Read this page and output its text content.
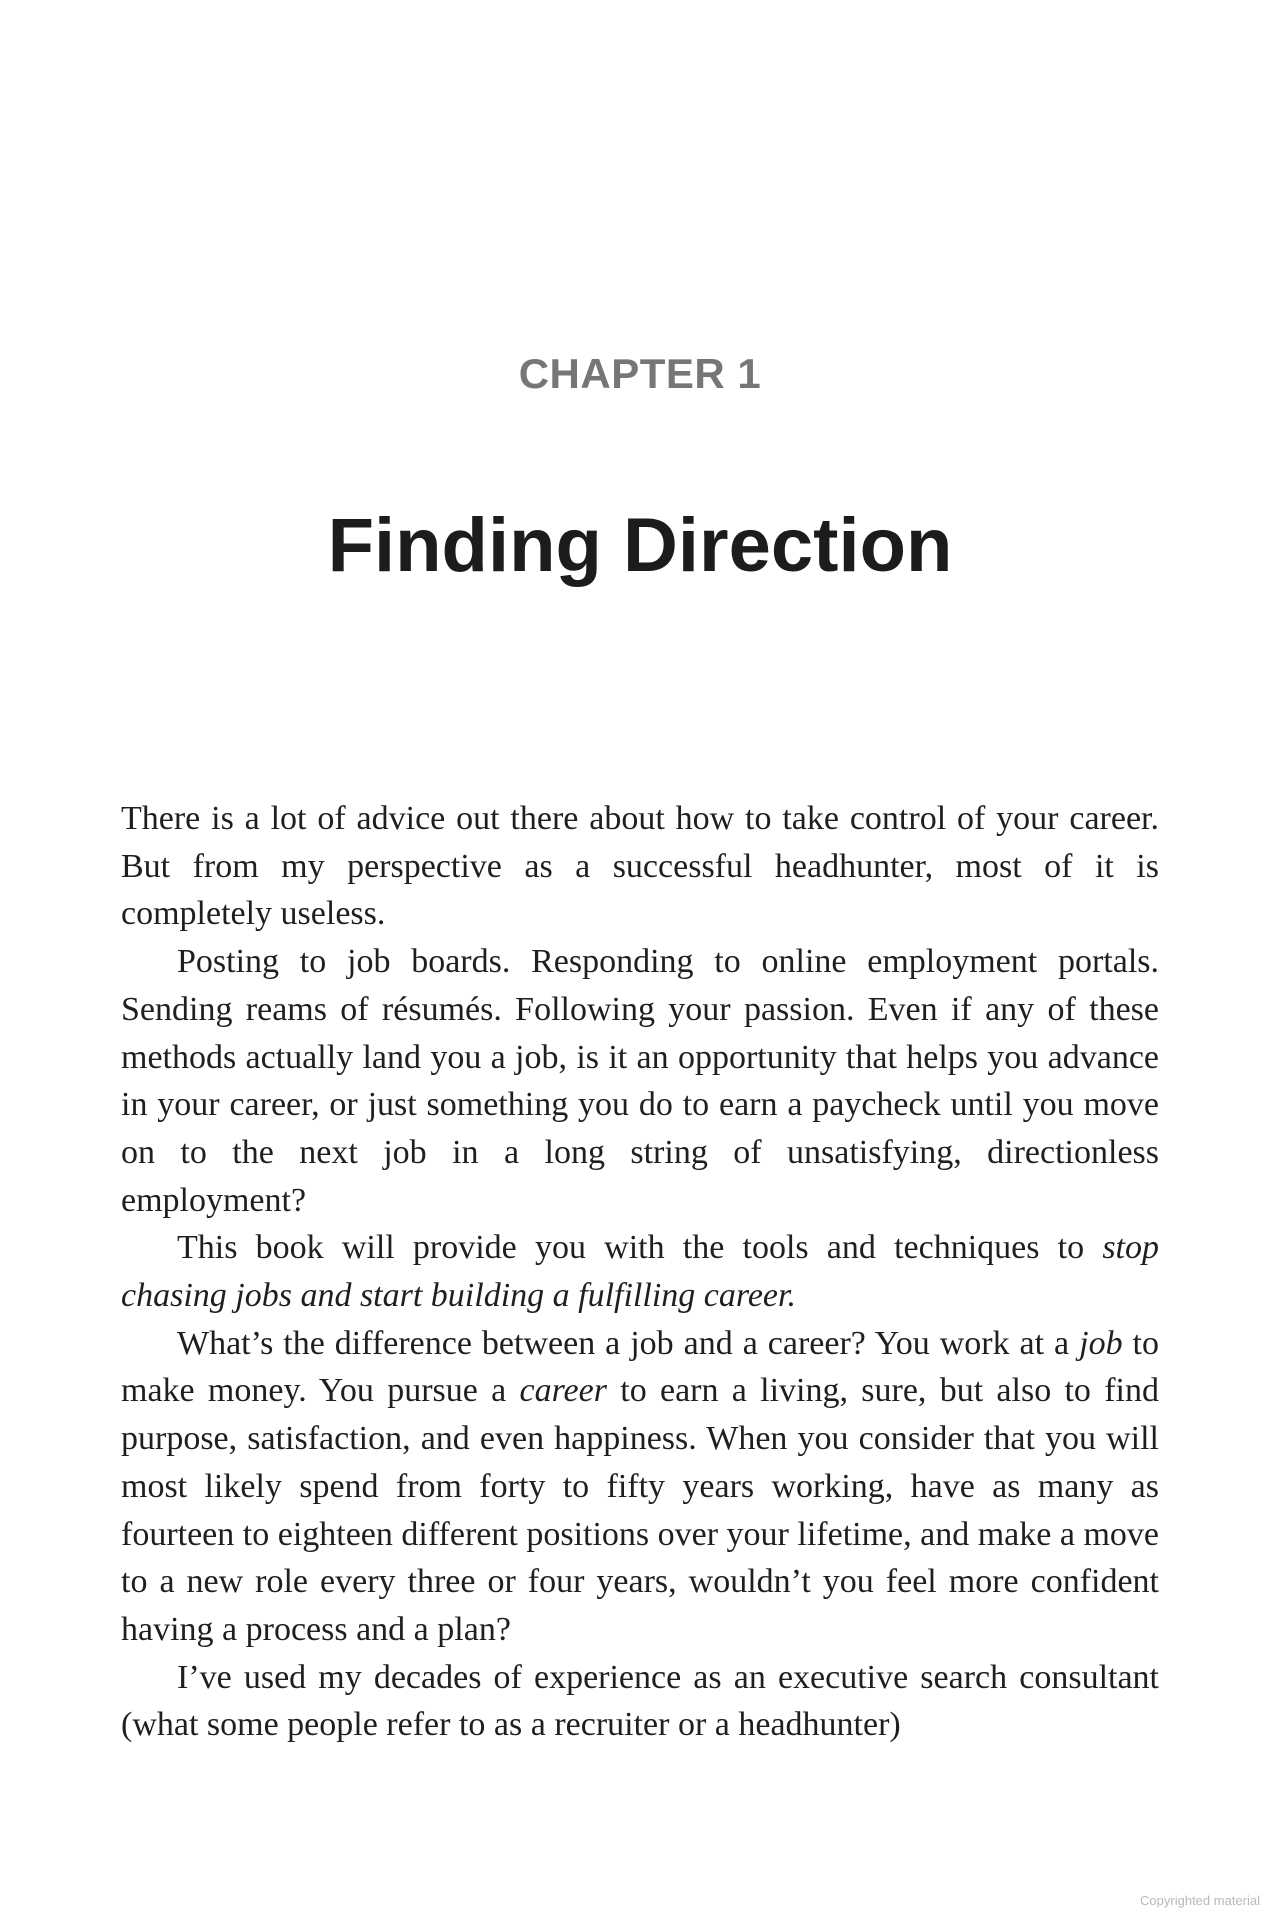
CHAPTER 1
Finding Direction

There is a lot of advice out there about how to take control of your career. But from my perspective as a successful headhunter, most of it is completely useless.

Posting to job boards. Responding to online employment portals. Sending reams of résumés. Following your passion. Even if any of these methods actually land you a job, is it an opportunity that helps you advance in your career, or just something you do to earn a paycheck until you move on to the next job in a long string of unsatisfying, directionless employment?

This book will provide you with the tools and techniques to stop chasing jobs and start building a fulfilling career.

What’s the difference between a job and a career? You work at a job to make money. You pursue a career to earn a living, sure, but also to find purpose, satisfaction, and even happiness. When you consider that you will most likely spend from forty to fifty years working, have as many as fourteen to eighteen different positions over your lifetime, and make a move to a new role every three or four years, wouldn’t you feel more confident having a process and a plan?

I’ve used my decades of experience as an executive search consultant (what some people refer to as a recruiter or a headhunter)

Copyrighted material
